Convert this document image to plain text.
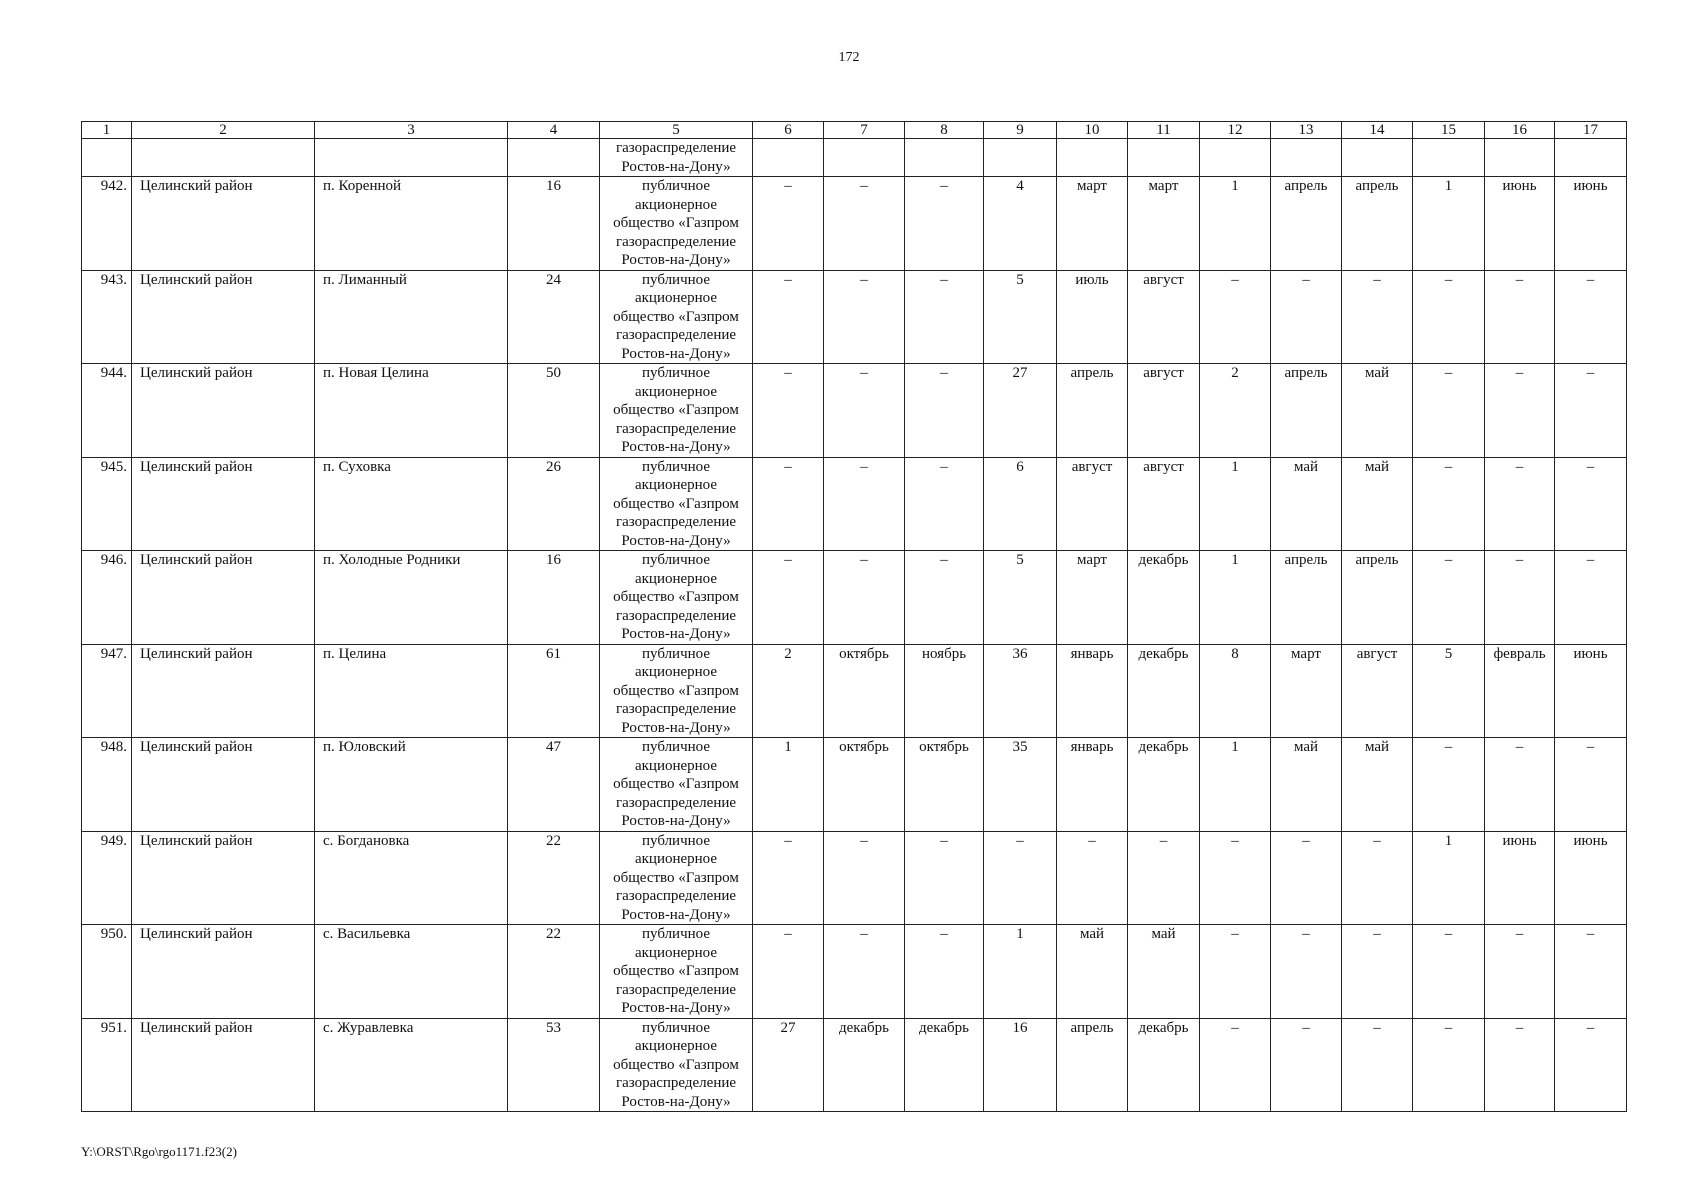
172
1	2	3	4	5	6	7	8	9	10	11	12	13	14	15	16	17

				газораспределение
Ростов-на-Дону»												

942.	Целинский район	п. Коренной	16	публичное
акционерное
общество «Газпром
газораспределение
Ростов-на-Дону»	–	–	–	4	март	март	1	апрель	апрель	1	июнь	июнь
943.	Целинский район	п. Лиманный	24	публичное
акционерное
общество «Газпром
газораспределение
Ростов-на-Дону»	–	–	–	5	июль	август	–	–	–	–	–	–
944.	Целинский район	п. Новая Целина	50	публичное
акционерное
общество «Газпром
газораспределение
Ростов-на-Дону»	–	–	–	27	апрель	август	2	апрель	май	–	–	–
945.	Целинский район	п. Суховка	26	публичное
акционерное
общество «Газпром
газораспределение
Ростов-на-Дону»	–	–	–	6	август	август	1	май	май	–	–	–
946.	Целинский район	п. Холодные Родники	16	публичное
акционерное
общество «Газпром
газораспределение
Ростов-на-Дону»	–	–	–	5	март	декабрь	1	апрель	апрель	–	–	–
947.	Целинский район	п. Целина	61	публичное
акционерное
общество «Газпром
газораспределение
Ростов-на-Дону»	2	октябрь	ноябрь	36	январь	декабрь	8	март	август	5	февраль	июнь
948.	Целинский район	п. Юловский	47	публичное
акционерное
общество «Газпром
газораспределение
Ростов-на-Дону»	1	октябрь	октябрь	35	январь	декабрь	1	май	май	–	–	–
949.	Целинский район	с. Богдановка	22	публичное
акционерное
общество «Газпром
газораспределение
Ростов-на-Дону»	–	–	–	–	–	–	–	–	–	1	июнь	июнь
950.	Целинский район	с. Васильевка	22	публичное
акционерное
общество «Газпром
газораспределение
Ростов-на-Дону»	–	–	–	1	май	май	–	–	–	–	–	–
951.	Целинский район	с. Журавлевка	53	публичное
акционерное
общество «Газпром
газораспределение
Ростов-на-Дону»	27	декабрь	декабрь	16	апрель	декабрь	–	–	–	–	–	–
Y:\ORST\Rgo\rgo1171.f23(2)
